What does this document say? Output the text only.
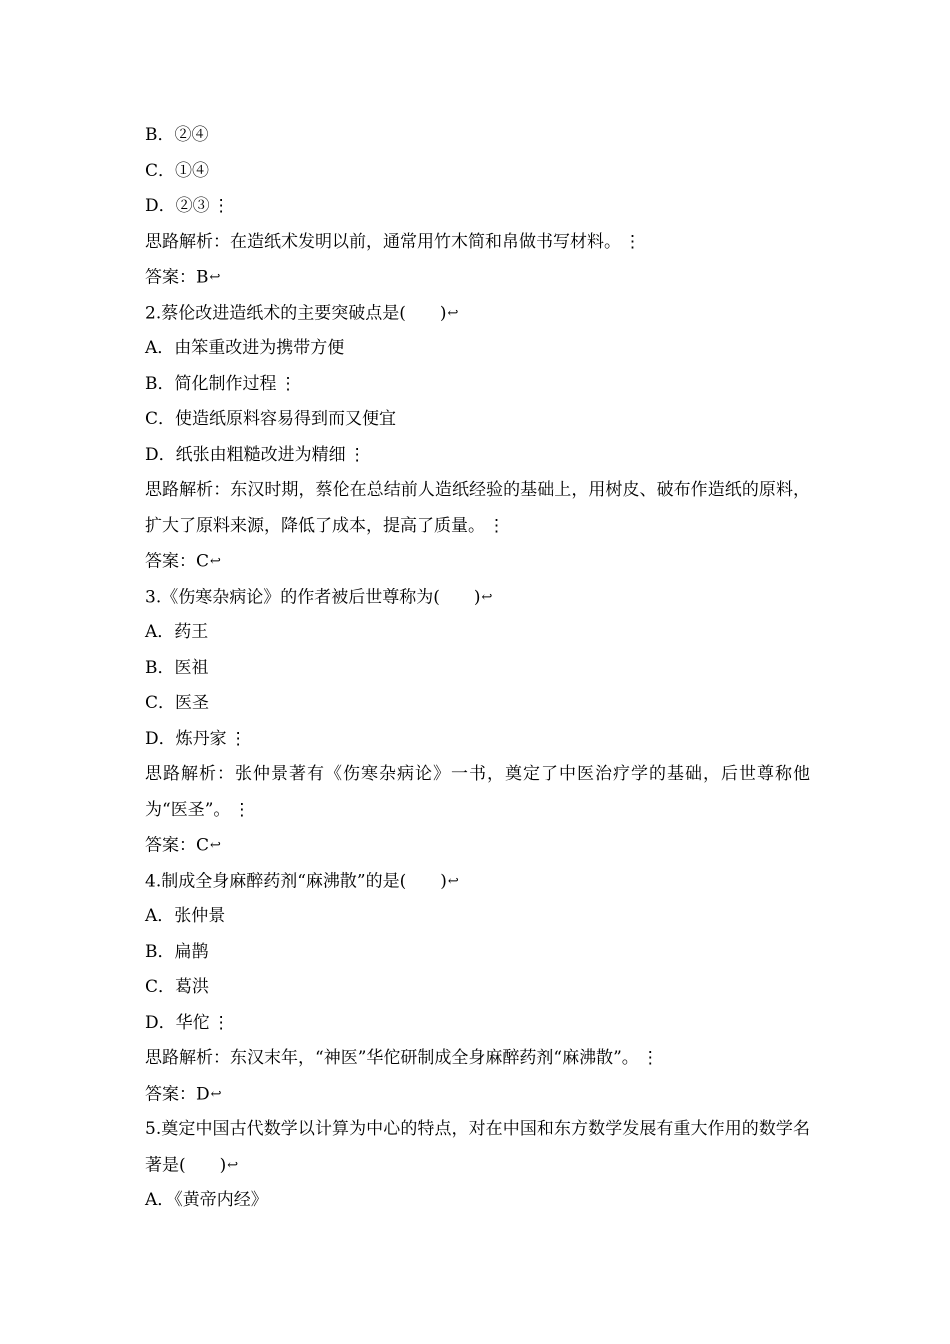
B．②④
C．①④
D．②③ ⋮
思路解析：在造纸术发明以前，通常用竹木简和帛做书写材料。 ⋮
答案：B↩
2.蔡伦改进造纸术的主要突破点是(　　)↩
A．由笨重改进为携带方便
B．简化制作过程 ⋮
C．使造纸原料容易得到而又便宜
D．纸张由粗糙改进为精细 ⋮
思路解析：东汉时期，蔡伦在总结前人造纸经验的基础上，用树皮、破布作造纸的原料，扩大了原料来源，降低了成本，提高了质量。 ⋮
答案：C↩
3.《伤寒杂病论》的作者被后世尊称为(　　)↩
A．药王
B．医祖
C．医圣
D．炼丹家 ⋮
思路解析：张仲景著有《伤寒杂病论》一书，奠定了中医治疗学的基础，后世尊称他为“医圣”。 ⋮
答案：C↩
4.制成全身麻醉药剂“麻沸散”的是(　　)↩
A．张仲景
B．扁鹊
C．葛洪
D．华佗 ⋮
思路解析：东汉末年，“神医”华佗研制成全身麻醉药剂“麻沸散”。 ⋮
答案：D↩
5.奠定中国古代数学以计算为中心的特点，对在中国和东方数学发展有重大作用的数学名著是(　　)↩
A．《黄帝内经》
